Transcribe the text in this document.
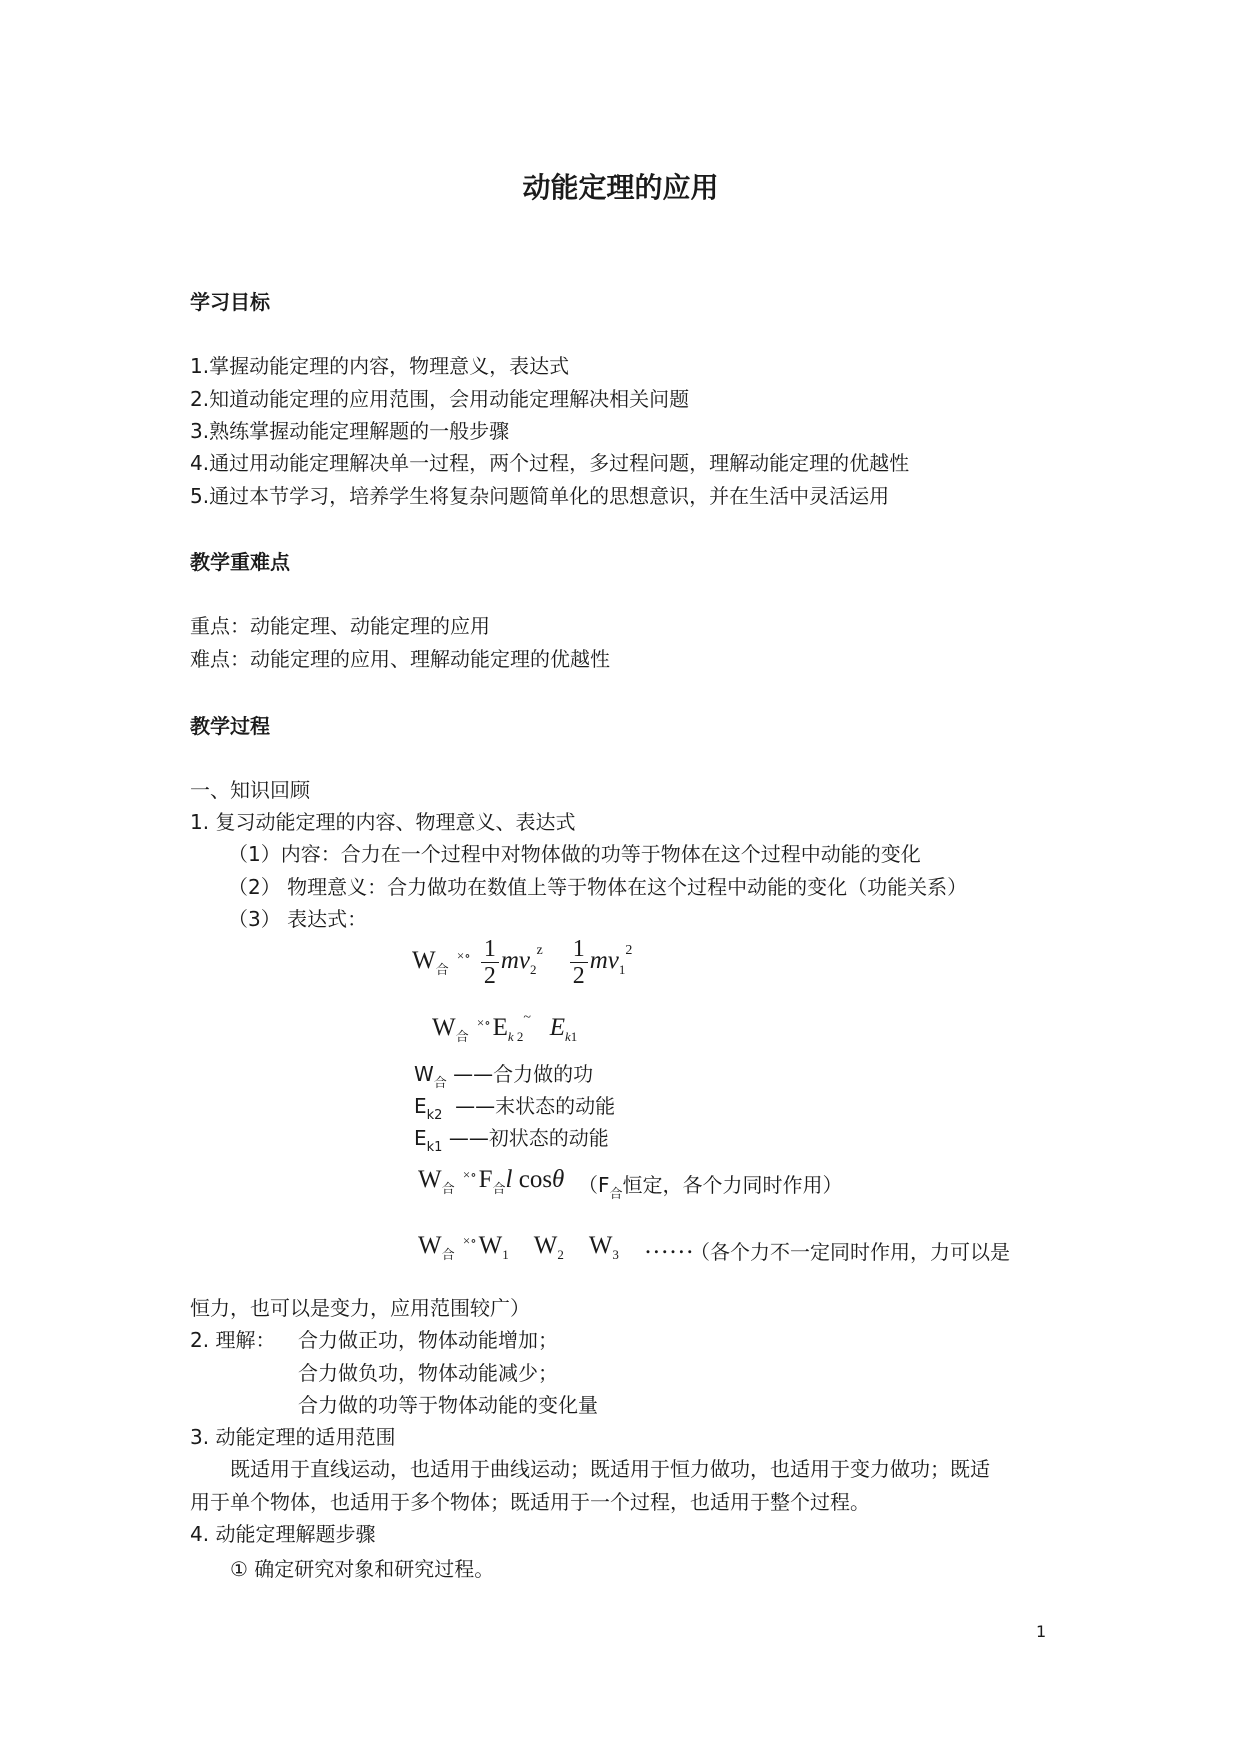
动能定理的应用
学习目标
1.掌握动能定理的内容，物理意义，表达式
2.知道动能定理的应用范围，会用动能定理解决相关问题
3.熟练掌握动能定理解题的一般步骤
4.通过用动能定理解决单一过程，两个过程，多过程问题，理解动能定理的优越性
5.通过本节学习，培养学生将复杂问题简单化的思想意识，并在生活中灵活运用
教学重难点
重点：动能定理、动能定理的应用
难点：动能定理的应用、理解动能定理的优越性
教学过程
一、知识回顾
1. 复习动能定理的内容、物理意义、表达式
（1）内容：合力在一个过程中对物体做的功等于物体在这个过程中动能的变化
（2） 物理意义：合力做功在数值上等于物体在这个过程中动能的变化（功能关系）
（3） 表达式：
$W_合$ $^{\times\circ} \frac{1}{2} mv_2^z \frac{1}{2} mv_1^2$
$W_合$ $^{\times\circ}E_{k 2}^\sim$ $E_{k1}$
$W_合$ ——合力做的功
$E_{k2}$ ——末状态的动能
$E_{k1}$ ——初状态的动能
$W_合$ $^{\times\circ}F_合l$ cosθ （$F_合$恒定，各个力同时作用）
$W_合$ $^{\times\circ}W_1$ $W_2$ $W_3$ ……
（各个力不一定同时作用，力可以是
恒力，也可以是变力，应用范围较广）
2. 理解： 合力做正功，物体动能增加；
合力做负功，物体动能减少；
合力做的功等于物体动能的变化量
3. 动能定理的适用范围
既适用于直线运动，也适用于曲线运动；既适用于恒力做功，也适用于变力做功；既适
用于单个物体，也适用于多个物体；既适用于一个过程，也适用于整个过程。
4. 动能定理解题步骤
① 确定研究对象和研究过程。
1
